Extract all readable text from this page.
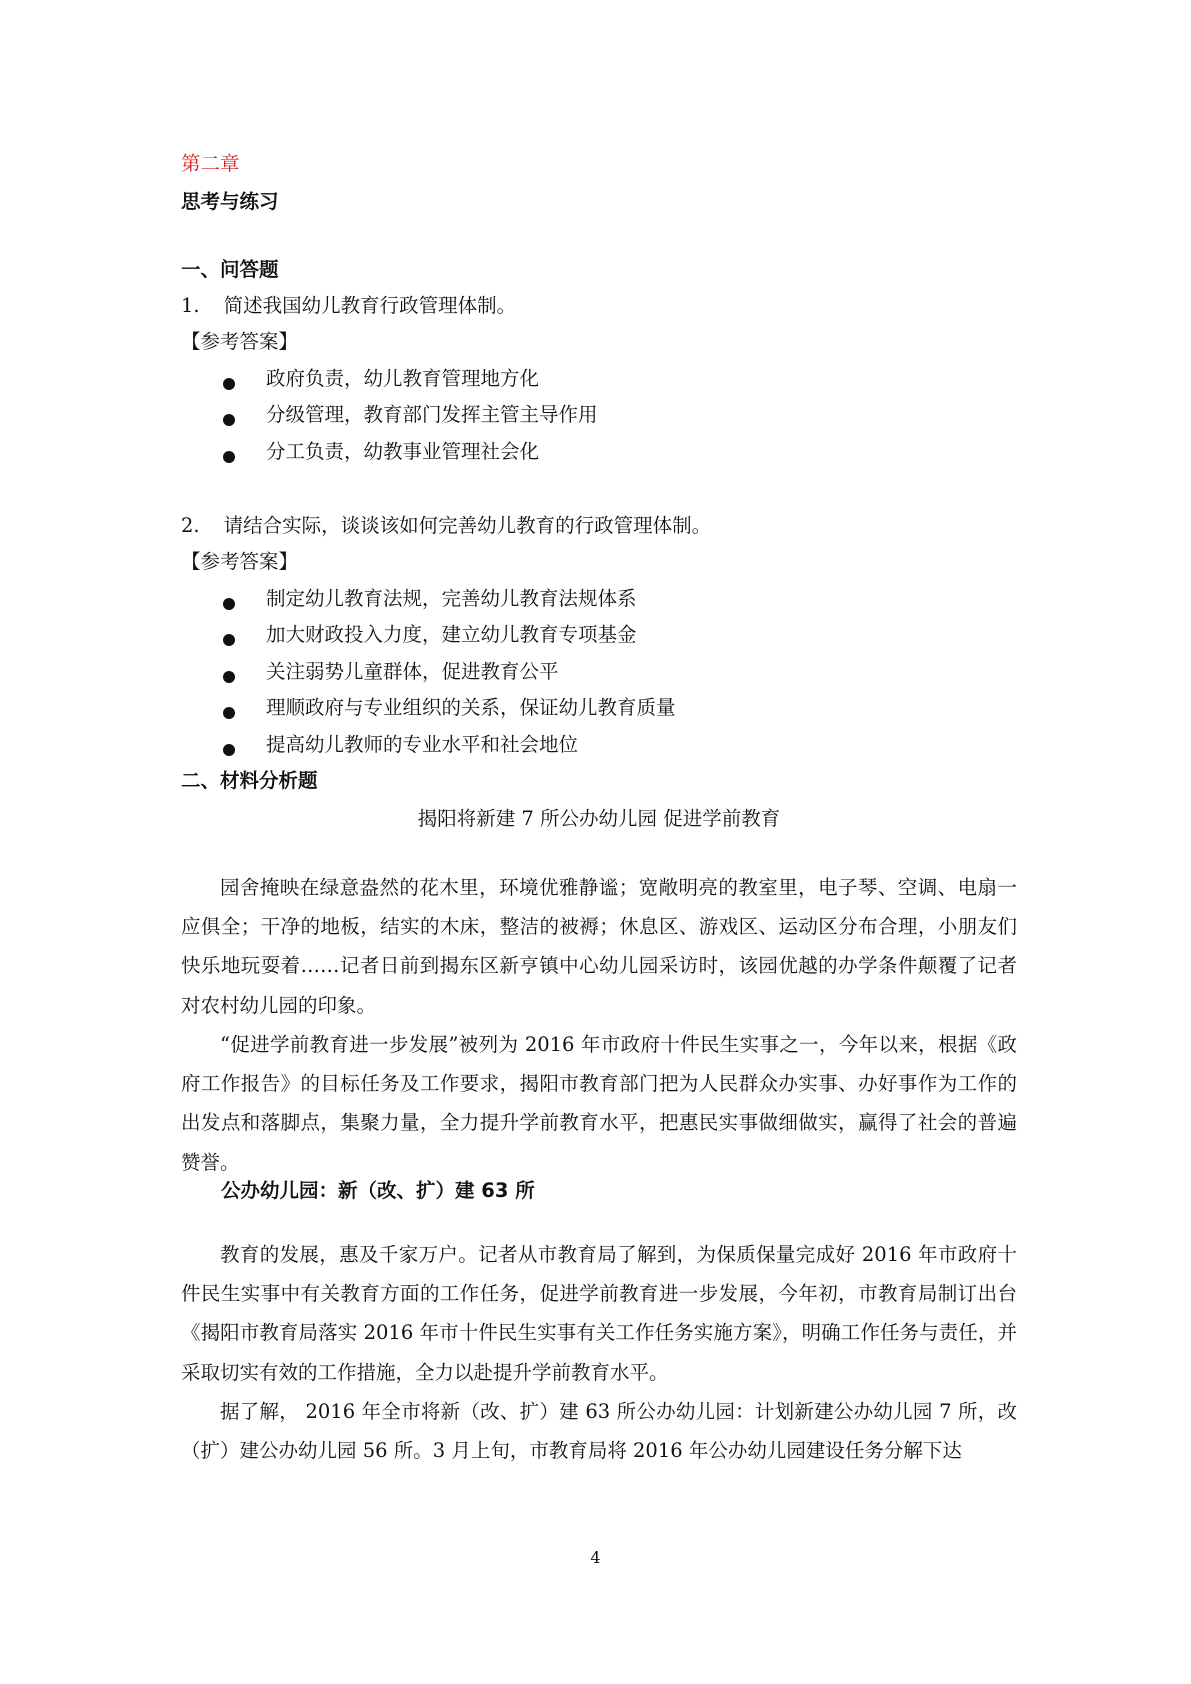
第二章
思考与练习
一、问答题
1. 简述我国幼儿教育行政管理体制。
【参考答案】
政府负责，幼儿教育管理地方化
分级管理，教育部门发挥主管主导作用
分工负责，幼教事业管理社会化
2. 请结合实际，谈谈该如何完善幼儿教育的行政管理体制。
【参考答案】
制定幼儿教育法规，完善幼儿教育法规体系
加大财政投入力度，建立幼儿教育专项基金
关注弱势儿童群体，促进教育公平
理顺政府与专业组织的关系，保证幼儿教育质量
提高幼儿教师的专业水平和社会地位
二、材料分析题
揭阳将新建 7 所公办幼儿园 促进学前教育
园舍掩映在绿意盎然的花木里，环境优雅静谧；宽敞明亮的教室里，电子琴、空调、电扇一应俱全；干净的地板，结实的木床，整洁的被褥；休息区、游戏区、运动区分布合理，小朋友们快乐地玩耍着……记者日前到揭东区新亨镇中心幼儿园采访时，该园优越的办学条件颠覆了记者对农村幼儿园的印象。
“促进学前教育进一步发展”被列为 2016 年市政府十件民生实事之一，今年以来，根据《政府工作报告》的目标任务及工作要求，揭阳市教育部门把为人民群众办实事、办好事作为工作的出发点和落脚点，集聚力量，全力提升学前教育水平，把惠民实事做细做实，赢得了社会的普遍赞誉。
公办幼儿园：新（改、扩）建 63 所
教育的发展，惠及千家万户。记者从市教育局了解到，为保质保量完成好 2016 年市政府十件民生实事中有关教育方面的工作任务，促进学前教育进一步发展，今年初，市教育局制订出台《揭阳市教育局落实 2016 年市十件民生实事有关工作任务实施方案》，明确工作任务与责任，并采取切实有效的工作措施，全力以赴提升学前教育水平。
据了解， 2016 年全市将新（改、扩）建 63 所公办幼儿园：计划新建公办幼儿园 7 所，改（扩）建公办幼儿园 56 所。3 月上旬，市教育局将 2016 年公办幼儿园建设任务分解下达
4
